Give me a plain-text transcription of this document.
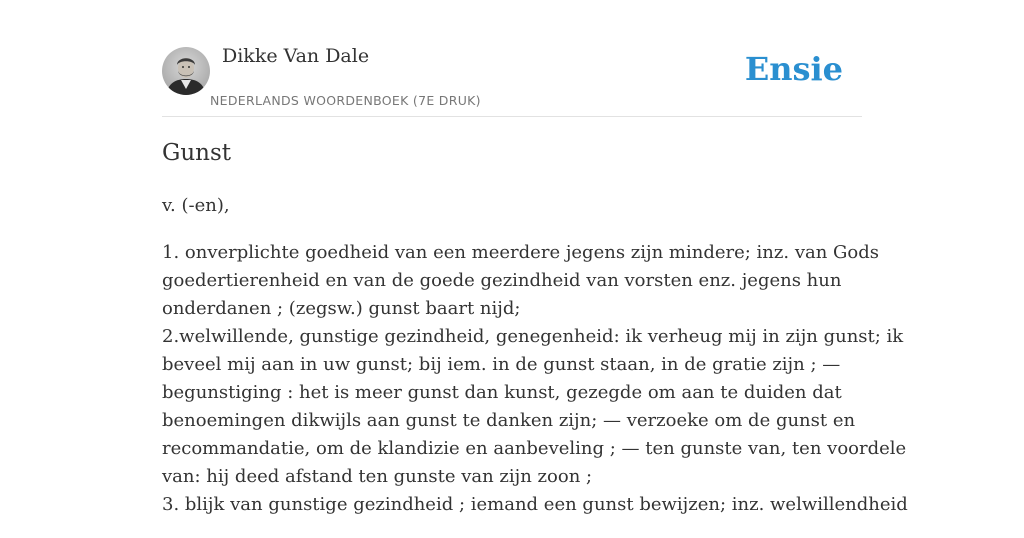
Dikke Van Dale
NEDERLANDS WOORDENBOEK (7E DRUK)
Ensie
Gunst

v. (-en),

1. onverplichte goedheid van een meerdere jegens zijn mindere; inz. van Gods
goedertierenheid en van de goede gezindheid van vorsten enz. jegens hun
onderdanen ; (zegsw.) gunst baart nijd;
2.welwillende, gunstige gezindheid, genegenheid: ik verheug mij in zijn gunst; ik
beveel mij aan in uw gunst; bij iem. in de gunst staan, in de gratie zijn ; —
begunstiging : het is meer gunst dan kunst, gezegde om aan te duiden dat
benoemingen dikwijls aan gunst te danken zijn; — verzoeke om de gunst en
recommandatie, om de klandizie en aanbeveling ; — ten gunste van, ten voordele
van: hij deed afstand ten gunste van zijn zoon ;
3. blijk van gunstige gezindheid ; iemand een gunst bewijzen; inz. welwillendheid
